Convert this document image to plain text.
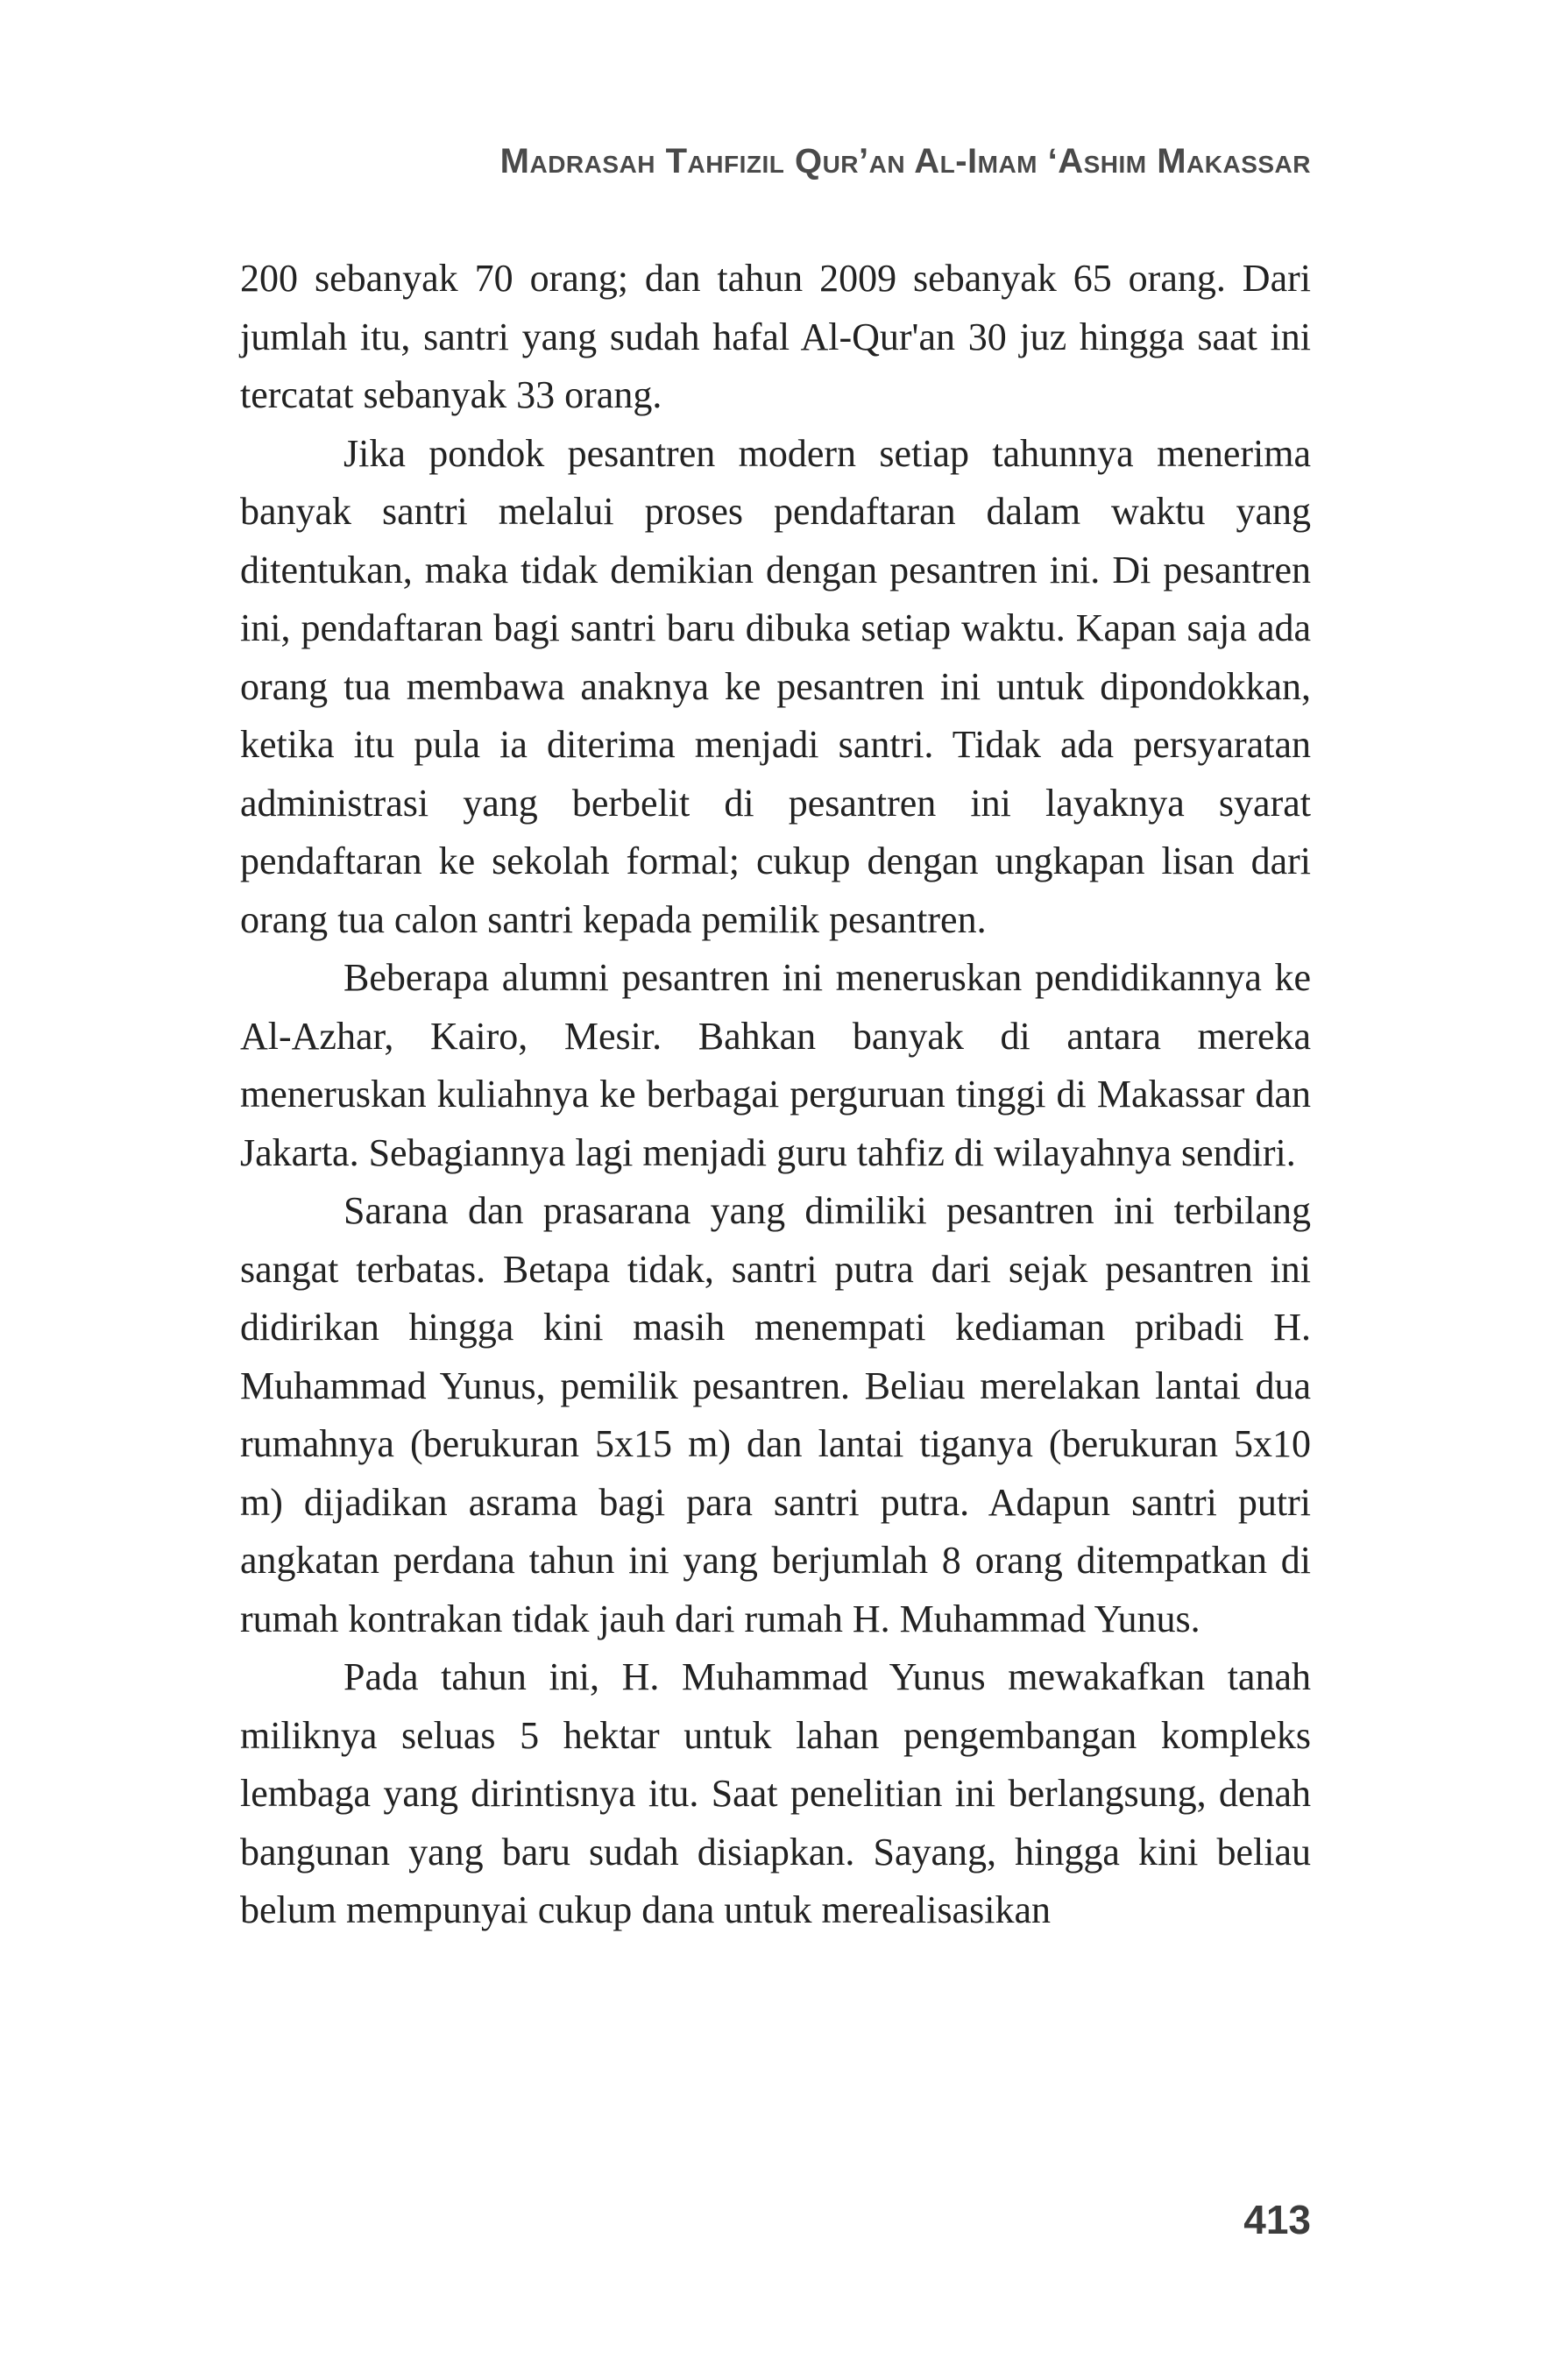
Madrasah Tahfizil Qur’an Al-Imam ‘Ashim Makassar

200 sebanyak 70 orang; dan tahun 2009 sebanyak 65 orang. Dari jumlah itu, santri yang sudah hafal Al-Qur'an 30 juz hingga saat ini tercatat sebanyak 33 orang.

Jika pondok pesantren modern setiap tahunnya menerima banyak santri melalui proses pendaftaran dalam waktu yang ditentukan, maka tidak demikian dengan pesantren ini. Di pesantren ini, pendaftaran bagi santri baru dibuka setiap waktu. Kapan saja ada orang tua membawa anaknya ke pesantren ini untuk dipondokkan, ketika itu pula ia diterima menjadi santri. Tidak ada persyaratan administrasi yang berbelit di pesantren ini layaknya syarat pendaftaran ke sekolah formal; cukup dengan ungkapan lisan dari orang tua calon santri kepada pemilik pesantren.

Beberapa alumni pesantren ini meneruskan pendidikannya ke Al-Azhar, Kairo, Mesir. Bahkan banyak di antara mereka meneruskan kuliahnya ke berbagai perguruan tinggi di Makassar dan Jakarta. Sebagiannya lagi menjadi guru tahfiz di wilayahnya sendiri.

Sarana dan prasarana yang dimiliki pesantren ini terbilang sangat terbatas. Betapa tidak, santri putra dari sejak pesantren ini didirikan hingga kini masih menempati kediaman pribadi H. Muhammad Yunus, pemilik pesantren. Beliau merelakan lantai dua rumahnya (berukuran 5x15 m) dan lantai tiganya (berukuran 5x10 m) dijadikan asrama bagi para santri putra. Adapun santri putri angkatan perdana tahun ini yang berjumlah 8 orang ditempatkan di rumah kontrakan tidak jauh dari rumah H. Muhammad Yunus.

Pada tahun ini, H. Muhammad Yunus mewakafkan tanah miliknya seluas 5 hektar untuk lahan pengembangan kompleks lembaga yang dirintisnya itu. Saat penelitian ini berlangsung, denah bangunan yang baru sudah disiapkan. Sayang, hingga kini beliau belum mempunyai cukup dana untuk merealisasikan

413
